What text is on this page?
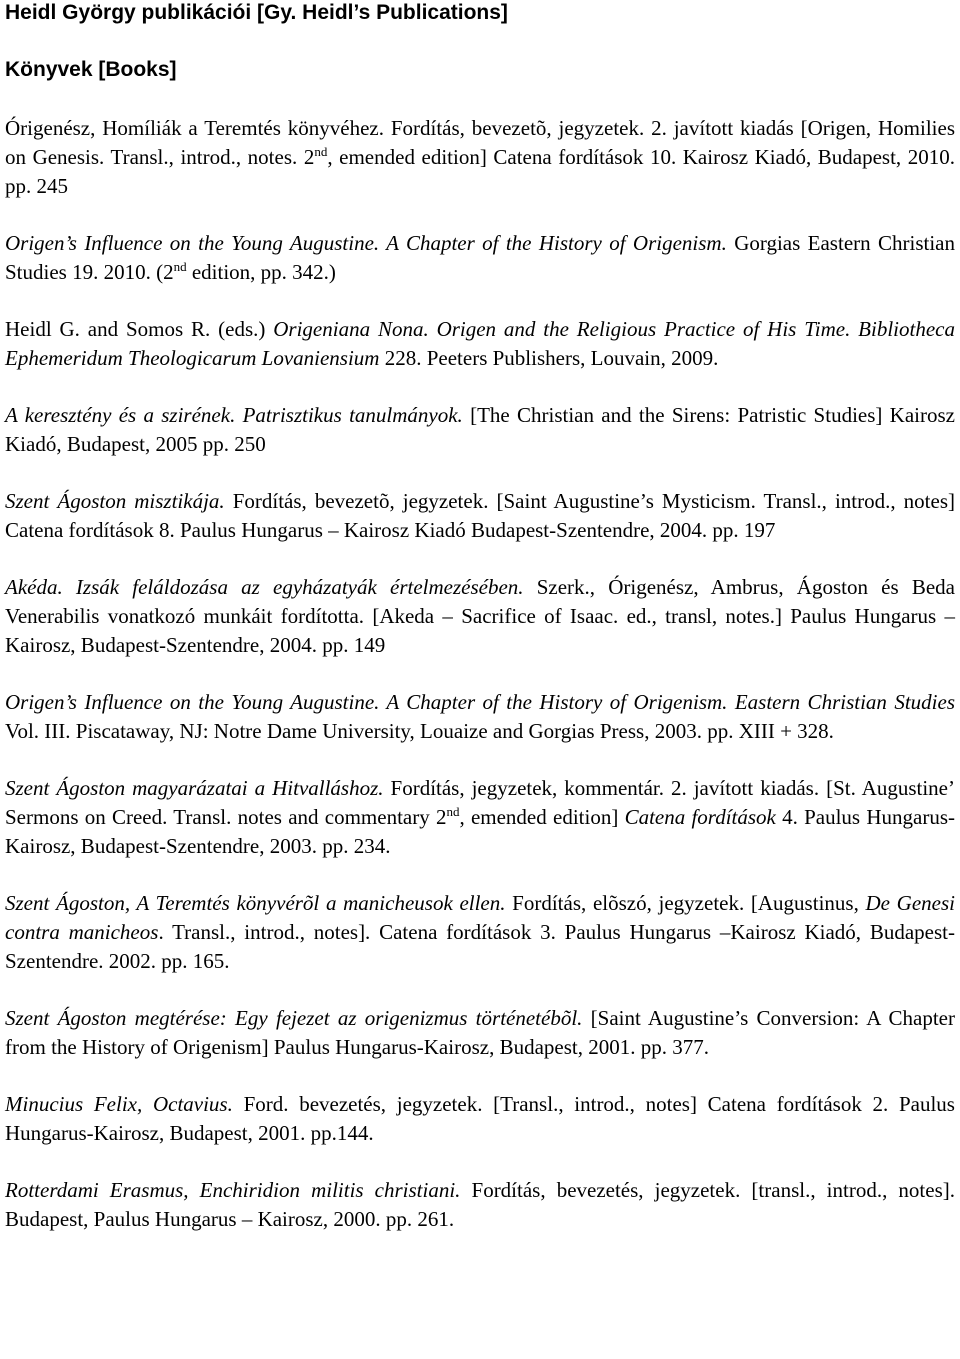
Heidl György publikációi [Gy. Heidl’s Publications]

Könyvek [Books]

Órigenész, Homíliák a Teremtés könyvéhez. Fordítás, bevezetõ, jegyzetek. 2. javított kiadás [Origen, Homilies on Genesis. Transl., introd., notes. 2nd, emended edition] Catena fordítások 10. Kairosz Kiadó, Budapest, 2010. pp. 245

Origen’s Influence on the Young Augustine. A Chapter of the History of Origenism. Gorgias Eastern Christian Studies 19. 2010. (2nd edition, pp. 342.)

Heidl G. and Somos R. (eds.) Origeniana Nona. Origen and the Religious Practice of His Time. Bibliotheca Ephemeridum Theologicarum Lovaniensium 228. Peeters Publishers, Louvain, 2009.

A keresztény és a szirének. Patrisztikus tanulmányok. [The Christian and the Sirens: Patristic Studies] Kairosz Kiadó, Budapest, 2005 pp. 250

Szent Ágoston misztikája. Fordítás, bevezetõ, jegyzetek. [Saint Augustine’s Mysticism. Transl., introd., notes] Catena fordítások 8. Paulus Hungarus – Kairosz Kiadó Budapest-Szentendre, 2004. pp. 197

Akéda. Izsák feláldozása az egyházatyák értelmezésében. Szerk., Órigenész, Ambrus, Ágoston és Beda Venerabilis vonatkozó munkáit fordította. [Akeda – Sacrifice of Isaac. ed., transl, notes.] Paulus Hungarus – Kairosz, Budapest-Szentendre, 2004. pp. 149

Origen’s Influence on the Young Augustine. A Chapter of the History of Origenism. Eastern Christian Studies Vol. III. Piscataway, NJ: Notre Dame University, Louaize and Gorgias Press, 2003. pp. XIII + 328.

Szent Ágoston magyarázatai a Hitvalláshoz. Fordítás, jegyzetek, kommentár. 2. javított kiadás. [St. Augustine’ Sermons on Creed. Transl. notes and commentary 2nd, emended edition] Catena fordítások 4. Paulus Hungarus-Kairosz, Budapest-Szentendre, 2003. pp. 234.

Szent Ágoston, A Teremtés könyvérõl a manicheusok ellen. Fordítás, elõszó, jegyzetek. [Augustinus, De Genesi contra manicheos. Transl., introd., notes]. Catena fordítások 3. Paulus Hungarus –Kairosz Kiadó, Budapest-Szentendre. 2002. pp. 165.

Szent Ágoston megtérése: Egy fejezet az origenizmus történetébõl. [Saint Augustine’s Conversion: A Chapter from the History of Origenism] Paulus Hungarus-Kairosz, Budapest, 2001. pp. 377.

Minucius Felix, Octavius. Ford. bevezetés, jegyzetek. [Transl., introd., notes] Catena fordítások 2. Paulus Hungarus-Kairosz, Budapest, 2001. pp.144.

Rotterdami Erasmus, Enchiridion militis christiani. Fordítás, bevezetés, jegyzetek. [transl., introd., notes]. Budapest, Paulus Hungarus – Kairosz, 2000. pp. 261.
